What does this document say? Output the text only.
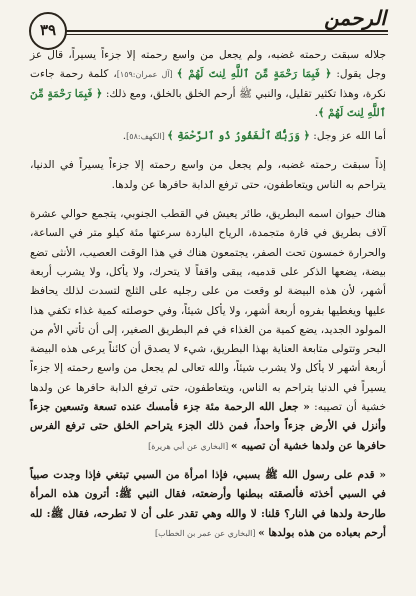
٣٩	الرحمن

جلاله سبقت رحمته غضبه، ولم يجعل من واسع رحمته إلا جزءاً يسيراً، قال عز وجل يقول: ﴿ فَبِمَا رَحْمَةٍ مِّنَ ٱللَّهِ لِنتَ لَهُمْ ﴾ [آل عمران:١٥٩]، كلمة رحمة جاءت نكرة، وهذا تكثير تقليل، والنبي ﷺ أرحم الخلق بالخلق، ومع ذلك: ﴿ فَبِمَا رَحْمَةٍ مِّنَ ٱللَّهِ لِنتَ لَهُمْ ﴾.

أما الله عز وجل: ﴿ وَرَبُّكَ ٱلْغَفُورُ ذُو ٱلرَّحْمَةِ ﴾ [الكهف:٥٨].

إذاً سبقت رحمته غضبه، ولم يجعل من واسع رحمته إلا جزءاً يسيراً في الدنيا، يتراحم به الناس ويتعاطفون، حتى ترفع الدابة حافرها عن ولدها.

هناك حيوان اسمه البطريق، طائر يعيش في القطب الجنوبي، يتجمع حوالي عشرة آلاف بطريق في قارة متجمدة، الرياح الباردة سرعتها مئة كيلو متر في الساعة، والحرارة خمسون تحت الصفر، يجتمعون هناك في هذا الوقت العصيب، الأنثى تضع بيضة، يضعها الذكر على قدميه، يبقى واقفاً لا يتحرك، ولا يأكل، ولا يشرب أربعة أشهر، لأن هذه البيضة لو وقعت من على رجليه على الثلج لتسدت لذلك يحافظ عليها ويغطيها بفروه أربعة أشهر، ولا يأكل شيئاً، وفي حوصلته كمية غذاء تكفي هذا المولود الجديد، يضع كمية من الغذاء في فم البطريق الصغير، إلى أن تأتي الأم من البحر وتتولى متابعة العناية بهذا البطريق، شيء لا يصدق أن كائناً يرعى هذه البيضة أربعة أشهر لا يأكل ولا يشرب شيئاً، والله تعالى لم يجعل من واسع رحمته إلا جزءاً يسيراً في الدنيا يتراحم به الناس، ويتعاطفون، حتى ترفع الدابة حافرها عن ولدها خشية أن تصيبه: « جعل الله الرحمة مئة جزء فأمسك عنده تسعة وتسعين جزءاً وأنزل في الأرض جزءاً واحداً، فمن ذلك الجزء يتراحم الخلق حتى ترفع الفرس حافرها عن ولدها خشية أن تصيبه » [البخاري عن أبي هريرة]

« قدم على رسول الله ﷺ بسبي، فإذا امرأة من السبي تبتغي فإذا وجدت صبياً في السبي أخذته فألصقته ببطنها وأرضعته، فقال النبي ﷺ: أترون هذه المرأة طارحة ولدها في النار؟ قلنا: لا والله وهي تقدر على أن لا تطرحه، فقال ﷺ: لله أرحم بعباده من هذه بولدها » [البخاري عن عمر بن الخطاب]
